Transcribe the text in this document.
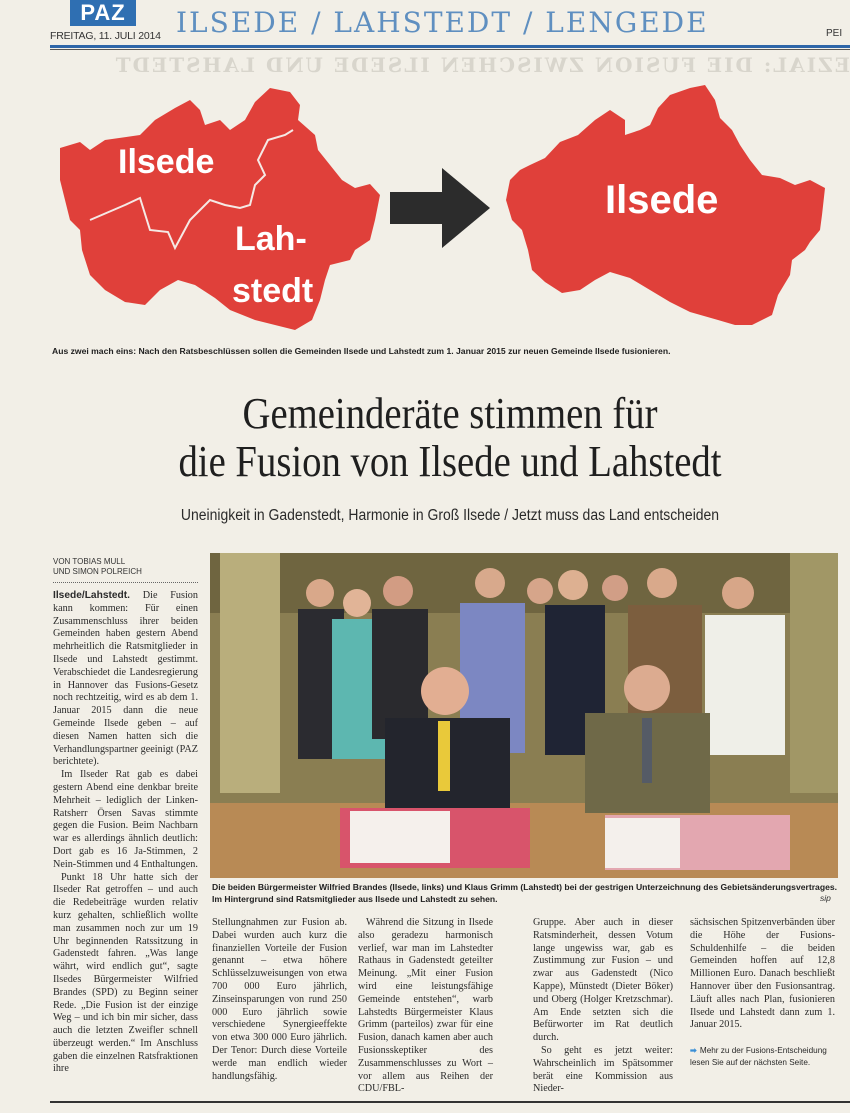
PAZ
FREITAG, 11. JULI 2014 ILSEDE / LAHSTEDT / LENGEDE	PEI
EZIAL: DIE FUSION ZWISCHEN ILSEDE UND LAHSTEDT
Ilsede
Lah-
stedt
Ilsede
Aus zwei mach eins: Nach den Ratsbeschlüssen sollen die Gemeinden Ilsede und Lahstedt zum 1. Januar 2015 zur neuen Gemeinde Ilsede fusionieren.
Gemeinderäte stimmen für
die Fusion von Ilsede und Lahstedt
Uneinigkeit in Gadenstedt, Harmonie in Groß Ilsede / Jetzt muss das Land entscheiden
VON TOBIAS MULL
UND SIMON POLREICH

Ilsede/Lahstedt. Die Fusion kann kommen: Für einen Zusammenschluss ihrer beiden Gemeinden haben gestern Abend mehrheitlich die Ratsmitglieder in Ilsede und Lahstedt gestimmt. Verabschiedet die Landesregierung in Hannover das Fusions-Gesetz noch rechtzeitig, wird es ab dem 1. Januar 2015 dann die neue Gemeinde Ilsede geben – auf diesen Namen hatten sich die Verhandlungspartner geeinigt (PAZ berichtete).

Im Ilseder Rat gab es dabei gestern Abend eine denkbar breite Mehrheit – lediglich der Linken-Ratsherr Örsen Savas stimmte gegen die Fusion. Beim Nachbarn war es allerdings ähnlich deutlich: Dort gab es 16 Ja-Stimmen, 2 Nein-Stimmen und 4 Enthaltungen.

Punkt 18 Uhr hatte sich der Ilseder Rat getroffen – und auch die Redebeiträge wurden relativ kurz gehalten, schließlich wollte man zusammen noch zur um 19 Uhr beginnenden Ratssitzung in Gadenstedt fahren. „Was lange währt, wird endlich gut“, sagte Ilsedes Bürgermeister Wilfried Brandes (SPD) zu Beginn seiner Rede. „Die Fusion ist der einzige Weg – und ich bin mir sicher, dass auch die letzten Zweifler schnell überzeugt werden.“ Im Anschluss gaben die einzelnen Ratsfraktionen ihre

Die beiden Bürgermeister Wilfried Brandes (Ilsede, links) und Klaus Grimm (Lahstedt) bei der gestrigen Unterzeichnung des Gebietsänderungsvertrages. Im Hintergrund sind Ratsmitglieder aus Ilsede und Lahstedt zu sehen.	sip

Stellungnahmen zur Fusion ab. Dabei wurden auch kurz die finanziellen Vorteile der Fusion genannt – etwa höhere Schlüsselzuweisungen von etwa 700 000 Euro jährlich, Zinseinsparungen von rund 250 000 Euro jährlich sowie verschiedene Synergieeffekte von etwa 300 000 Euro jährlich. Der Tenor: Durch diese Vorteile werde man endlich wieder handlungsfähig.

Während die Sitzung in Ilsede also geradezu harmonisch verlief, war man im Lahstedter Rathaus in Gadenstedt geteilter Meinung. „Mit einer Fusion wird eine leistungsfähige Gemeinde entstehen“, warb Lahstedts Bürgermeister Klaus Grimm (parteilos) zwar für eine Fusion, danach kamen aber auch Fusionsskeptiker des Zusammenschlusses zu Wort – vor allem aus Reihen der CDU/FBL-

Gruppe. Aber auch in dieser Ratsminderheit, dessen Votum lange ungewiss war, gab es Zustimmung zur Fusion – und zwar aus Gadenstedt (Nico Kappe), Münstedt (Dieter Böker) und Oberg (Holger Kretzschmar). Am Ende setzten sich die Befürworter im Rat deutlich durch.

So geht es jetzt weiter: Wahrscheinlich im Spätsommer berät eine Kommission aus Nieder-

sächsischen Spitzenverbänden über die Höhe der Fusions-Schuldenhilfe – die beiden Gemeinden hoffen auf 12,8 Millionen Euro. Danach beschließt Hannover über den Fusionsantrag. Läuft alles nach Plan, fusionieren Ilsede und Lahstedt dann zum 1. Januar 2015.

➡ Mehr zu der Fusions-Entscheidung lesen Sie auf der nächsten Seite.
